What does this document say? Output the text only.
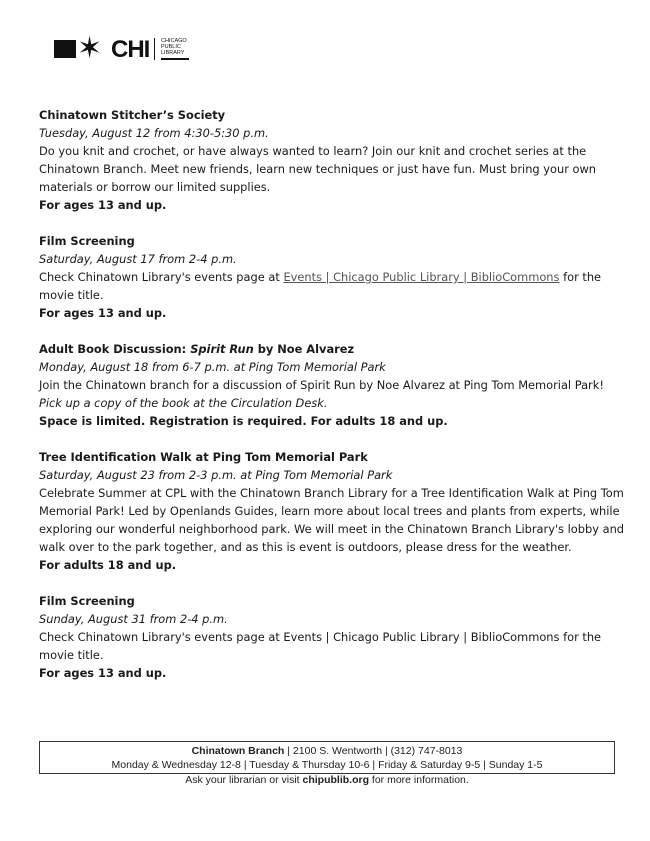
✶ CHI CHICAGO PUBLIC LIBRARY

Chinatown Stitcher’s Society

Tuesday, August 12 from 4:30-5:30 p.m.

Do you knit and crochet, or have always wanted to learn? Join our knit and crochet series at the Chinatown Branch. Meet new friends, learn new techniques or just have fun. Must bring your own materials or borrow our limited supplies.

For ages 13 and up.

Film Screening

Saturday, August 17 from 2-4 p.m.

Check Chinatown Library's events page at Events | Chicago Public Library | BiblioCommons for the movie title.

For ages 13 and up.

Adult Book Discussion: Spirit Run by Noe Alvarez

Monday, August 18 from 6-7 p.m. at Ping Tom Memorial Park

Join the Chinatown branch for a discussion of Spirit Run by Noe Alvarez at Ping Tom Memorial Park!

Pick up a copy of the book at the Circulation Desk.

Space is limited. Registration is required. For adults 18 and up.

Tree Identification Walk at Ping Tom Memorial Park

Saturday, August 23 from 2-3 p.m. at Ping Tom Memorial Park

Celebrate Summer at CPL with the Chinatown Branch Library for a Tree Identification Walk at Ping Tom Memorial Park! Led by Openlands Guides, learn more about local trees and plants from experts, while exploring our wonderful neighborhood park. We will meet in the Chinatown Branch Library's lobby and walk over to the park together, and as this is event is outdoors, please dress for the weather.

For adults 18 and up.

Film Screening

Sunday, August 31 from 2-4 p.m.

Check Chinatown Library's events page at Events | Chicago Public Library | BiblioCommons for the movie title.

For ages 13 and up.

Chinatown Branch | 2100 S. Wentworth | (312) 747-8013
Monday & Wednesday 12-8 | Tuesday & Thursday 10-6 | Friday & Saturday 9-5 | Sunday 1-5
Ask your librarian or visit chipublib.org for more information.
